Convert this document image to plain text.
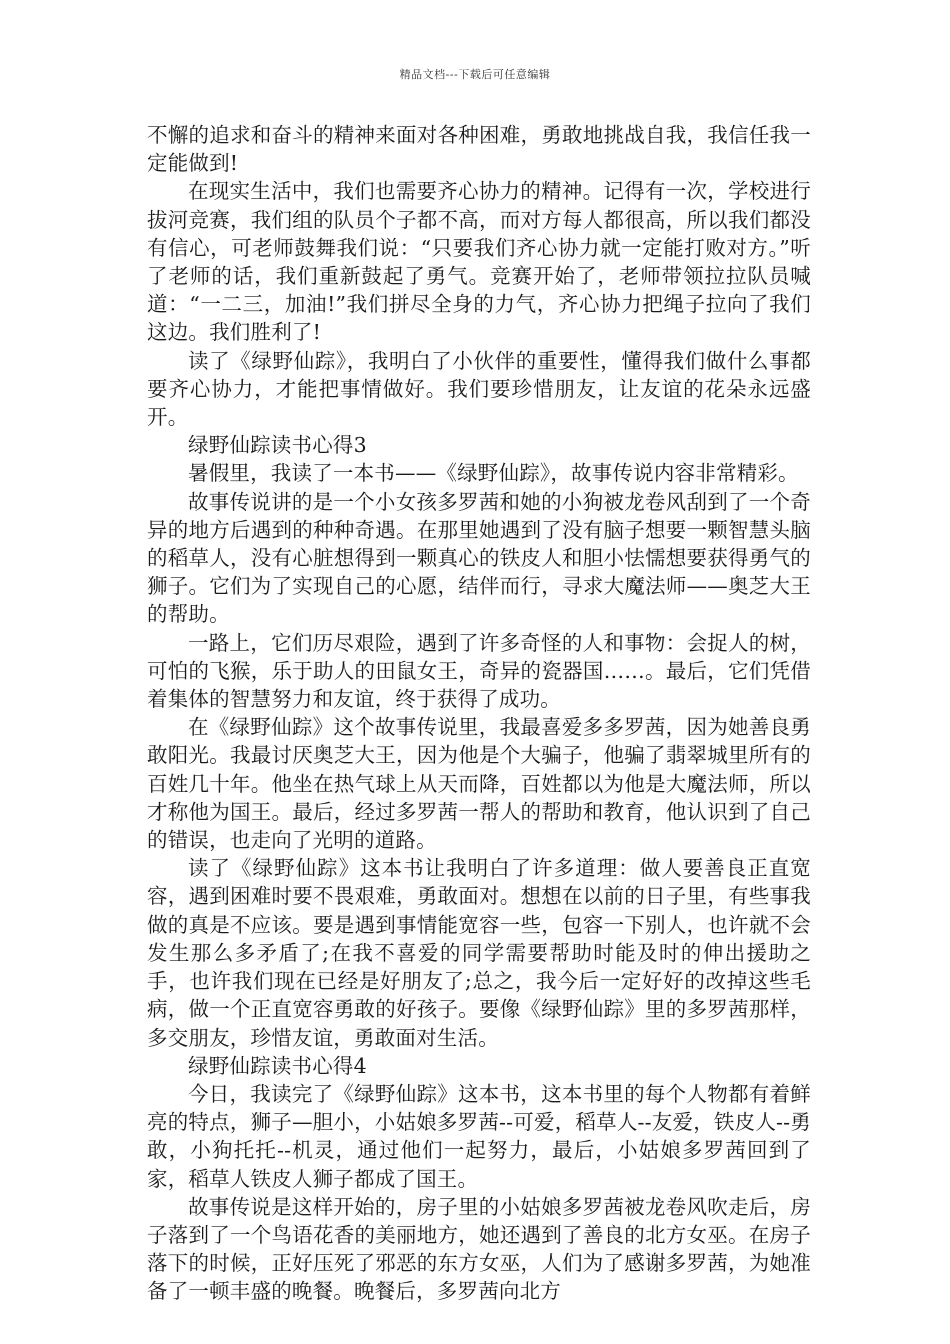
精品文档---下载后可任意编辑

不懈的追求和奋斗的精神来面对各种困难，勇敢地挑战自我，我信任我一定能做到!

在现实生活中，我们也需要齐心协力的精神。记得有一次，学校进行拔河竞赛，我们组的队员个子都不高，而对方每人都很高，所以我们都没有信心，可老师鼓舞我们说：“只要我们齐心协力就一定能打败对方。”听了老师的话，我们重新鼓起了勇气。竞赛开始了，老师带领拉拉队员喊道：“一二三，加油!”我们拼尽全身的力气，齐心协力把绳子拉向了我们这边。我们胜利了!

读了《绿野仙踪》，我明白了小伙伴的重要性，懂得我们做什么事都要齐心协力，才能把事情做好。我们要珍惜朋友，让友谊的花朵永远盛开。

绿野仙踪读书心得3

暑假里，我读了一本书——《绿野仙踪》，故事传说内容非常精彩。

故事传说讲的是一个小女孩多罗茜和她的小狗被龙卷风刮到了一个奇异的地方后遇到的种种奇遇。在那里她遇到了没有脑子想要一颗智慧头脑的稻草人，没有心脏想得到一颗真心的铁皮人和胆小怯懦想要获得勇气的狮子。它们为了实现自己的心愿，结伴而行，寻求大魔法师——奥芝大王的帮助。

一路上，它们历尽艰险，遇到了许多奇怪的人和事物：会捉人的树，可怕的飞猴，乐于助人的田鼠女王，奇异的瓷器国……。最后，它们凭借着集体的智慧努力和友谊，终于获得了成功。

在《绿野仙踪》这个故事传说里，我最喜爱多多罗茜，因为她善良勇敢阳光。我最讨厌奥芝大王，因为他是个大骗子，他骗了翡翠城里所有的百姓几十年。他坐在热气球上从天而降，百姓都以为他是大魔法师，所以才称他为国王。最后，经过多罗茜一帮人的帮助和教育，他认识到了自己的错误，也走向了光明的道路。

读了《绿野仙踪》这本书让我明白了许多道理：做人要善良正直宽容，遇到困难时要不畏艰难，勇敢面对。想想在以前的日子里，有些事我做的真是不应该。要是遇到事情能宽容一些，包容一下别人，也许就不会发生那么多矛盾了;在我不喜爱的同学需要帮助时能及时的伸出援助之手，也许我们现在已经是好朋友了;总之，我今后一定好好的改掉这些毛病，做一个正直宽容勇敢的好孩子。要像《绿野仙踪》里的多罗茜那样，多交朋友，珍惜友谊，勇敢面对生活。

绿野仙踪读书心得4

今日，我读完了《绿野仙踪》这本书，这本书里的每个人物都有着鲜亮的特点，狮子—胆小，小姑娘多罗茜--可爱，稻草人--友爱，铁皮人--勇敢，小狗托托--机灵，通过他们一起努力，最后，小姑娘多罗茜回到了家，稻草人铁皮人狮子都成了国王。

故事传说是这样开始的，房子里的小姑娘多罗茜被龙卷风吹走后，房子落到了一个鸟语花香的美丽地方，她还遇到了善良的北方女巫。在房子落下的时候，正好压死了邪恶的东方女巫，人们为了感谢多罗茜，为她准备了一顿丰盛的晚餐。晚餐后，多罗茜向北方
